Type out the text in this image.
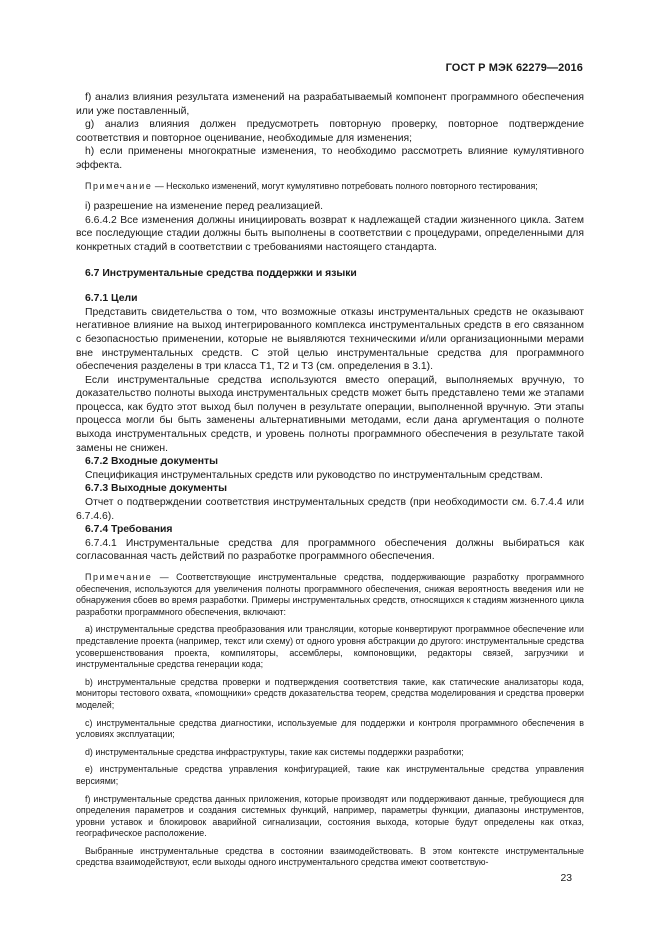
ГОСТ Р МЭК 62279—2016

f) анализ влияния результата изменений на разрабатываемый компонент программного обеспечения или уже поставленный,

g) анализ влияния должен предусмотреть повторную проверку, повторное подтверждение соответствия и повторное оценивание, необходимые для изменения;

h) если применены многократные изменения, то необходимо рассмотреть влияние кумулятивного эффекта.

Примечание — Несколько изменений, могут кумулятивно потребовать полного повторного тестирования;

i) разрешение на изменение перед реализацией.

6.6.4.2 Все изменения должны инициировать возврат к надлежащей стадии жизненного цикла. Затем все последующие стадии должны быть выполнены в соответствии с процедурами, определенными для конкретных стадий в соответствии с требованиями настоящего стандарта.

6.7 Инструментальные средства поддержки и языки

6.7.1 Цели

Представить свидетельства о том, что возможные отказы инструментальных средств не оказывают негативное влияние на выход интегрированного комплекса инструментальных средств в его связанном с безопасностью применении, которые не выявляются техническими и/или организационными мерами вне инструментальных средств. С этой целью инструментальные средства для программного обеспечения разделены в три класса Т1, Т2 и Т3 (см. определения в 3.1).

Если инструментальные средства используются вместо операций, выполняемых вручную, то доказательство полноты выхода инструментальных средств может быть представлено теми же этапами процесса, как будто этот выход был получен в результате операции, выполненной вручную. Эти этапы процесса могли бы быть заменены альтернативными методами, если дана аргументация о полноте выхода инструментальных средств, и уровень полноты программного обеспечения в результате такой замены не снижен.

6.7.2 Входные документы

Спецификация инструментальных средств или руководство по инструментальным средствам.

6.7.3 Выходные документы

Отчет о подтверждении соответствия инструментальных средств (при необходимости см. 6.7.4.4 или 6.7.4.6).

6.7.4 Требования

6.7.4.1 Инструментальные средства для программного обеспечения должны выбираться как согласованная часть действий по разработке программного обеспечения.

Примечание — Соответствующие инструментальные средства, поддерживающие разработку программного обеспечения, используются для увеличения полноты программного обеспечения, снижая вероятность введения или не обнаружения сбоев во время разработки. Примеры инструментальных средств, относящихся к стадиям жизненного цикла разработки программного обеспечения, включают:

a) инструментальные средства преобразования или трансляции, которые конвертируют программное обеспечение или представление проекта (например, текст или схему) от одного уровня абстракции до другого: инструментальные средства усовершенствования проекта, компиляторы, ассемблеры, компоновщики, редакторы связей, загрузчики и инструментальные средства генерации кода;

b) инструментальные средства проверки и подтверждения соответствия такие, как статические анализаторы кода, мониторы тестового охвата, «помощники» средств доказательства теорем, средства моделирования и средства проверки моделей;

c) инструментальные средства диагностики, используемые для поддержки и контроля программного обеспечения в условиях эксплуатации;

d) инструментальные средства инфраструктуры, такие как системы поддержки разработки;

e) инструментальные средства управления конфигурацией, такие как инструментальные средства управления версиями;

f) инструментальные средства данных приложения, которые производят или поддерживают данные, требующиеся для определения параметров и создания системных функций, например, параметры функции, диапазоны инструментов, уровни уставок и блокировок аварийной сигнализации, состояния выхода, которые будут определены как отказ, географическое расположение.

Выбранные инструментальные средства в состоянии взаимодействовать. В этом контексте инструментальные средства взаимодействуют, если выходы одного инструментального средства имеют соответствую-

23
